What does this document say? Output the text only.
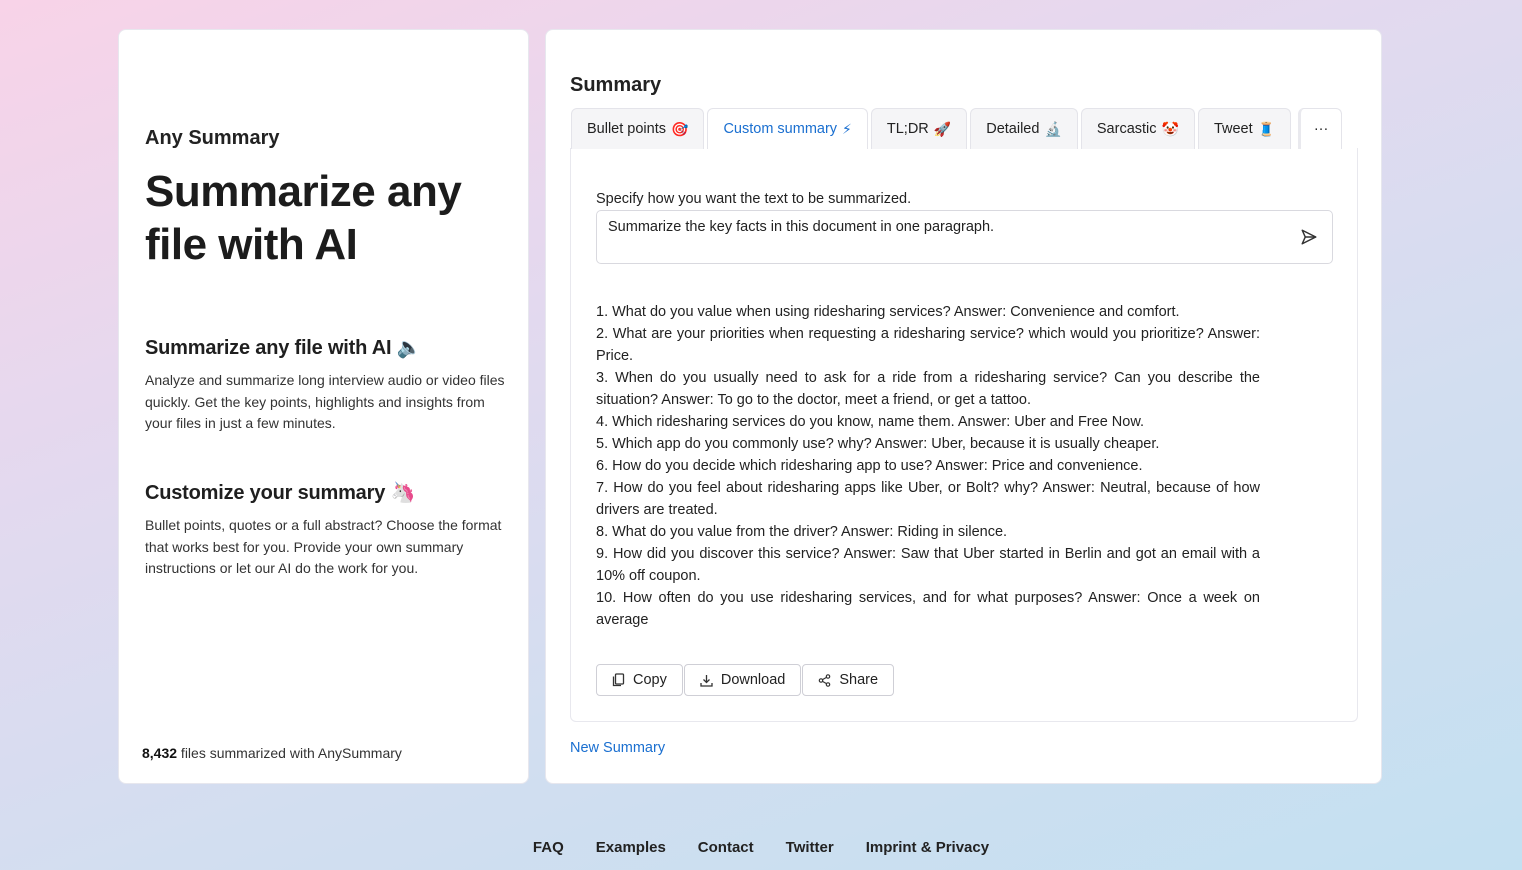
Any Summary
Summarize any file with AI
Summarize any file with AI 🔈
Analyze and summarize long interview audio or video files quickly. Get the key points, highlights and insights from your files in just a few minutes.
Customize your summary 🦄
Bullet points, quotes or a full abstract? Choose the format that works best for you. Provide your own summary instructions or let our AI do the work for you.
8,432 files summarized with AnySummary
Summary
Bullet points 🎯 Custom summary ⚡ TL;DR 🚀 Detailed 🔬 Sarcastic 🤡 Tweet 🧵	···
Specify how you want the text to be summarized.
Summarize the key facts in this document in one paragraph.

1. What do you value when using ridesharing services? Answer: Convenience and comfort.

2. What are your priorities when requesting a ridesharing service? which would you prioritize? Answer: Price.

3. When do you usually need to ask for a ride from a ridesharing service? Can you describe the situation? Answer: To go to the doctor, meet a friend, or get a tattoo.

4. Which ridesharing services do you know, name them. Answer: Uber and Free Now.

5. Which app do you commonly use? why? Answer: Uber, because it is usually cheaper.

6. How do you decide which ridesharing app to use? Answer: Price and convenience.

7. How do you feel about ridesharing apps like Uber, or Bolt? why? Answer: Neutral, because of how drivers are treated.

8. What do you value from the driver? Answer: Riding in silence.

9. How did you discover this service? Answer: Saw that Uber started in Berlin and got an email with a 10% off coupon.

10. How often do you use ridesharing services, and for what purposes? Answer: Once a week on average

Copy	Download	Share
New Summary
FAQ Examples Contact Twitter Imprint & Privacy
